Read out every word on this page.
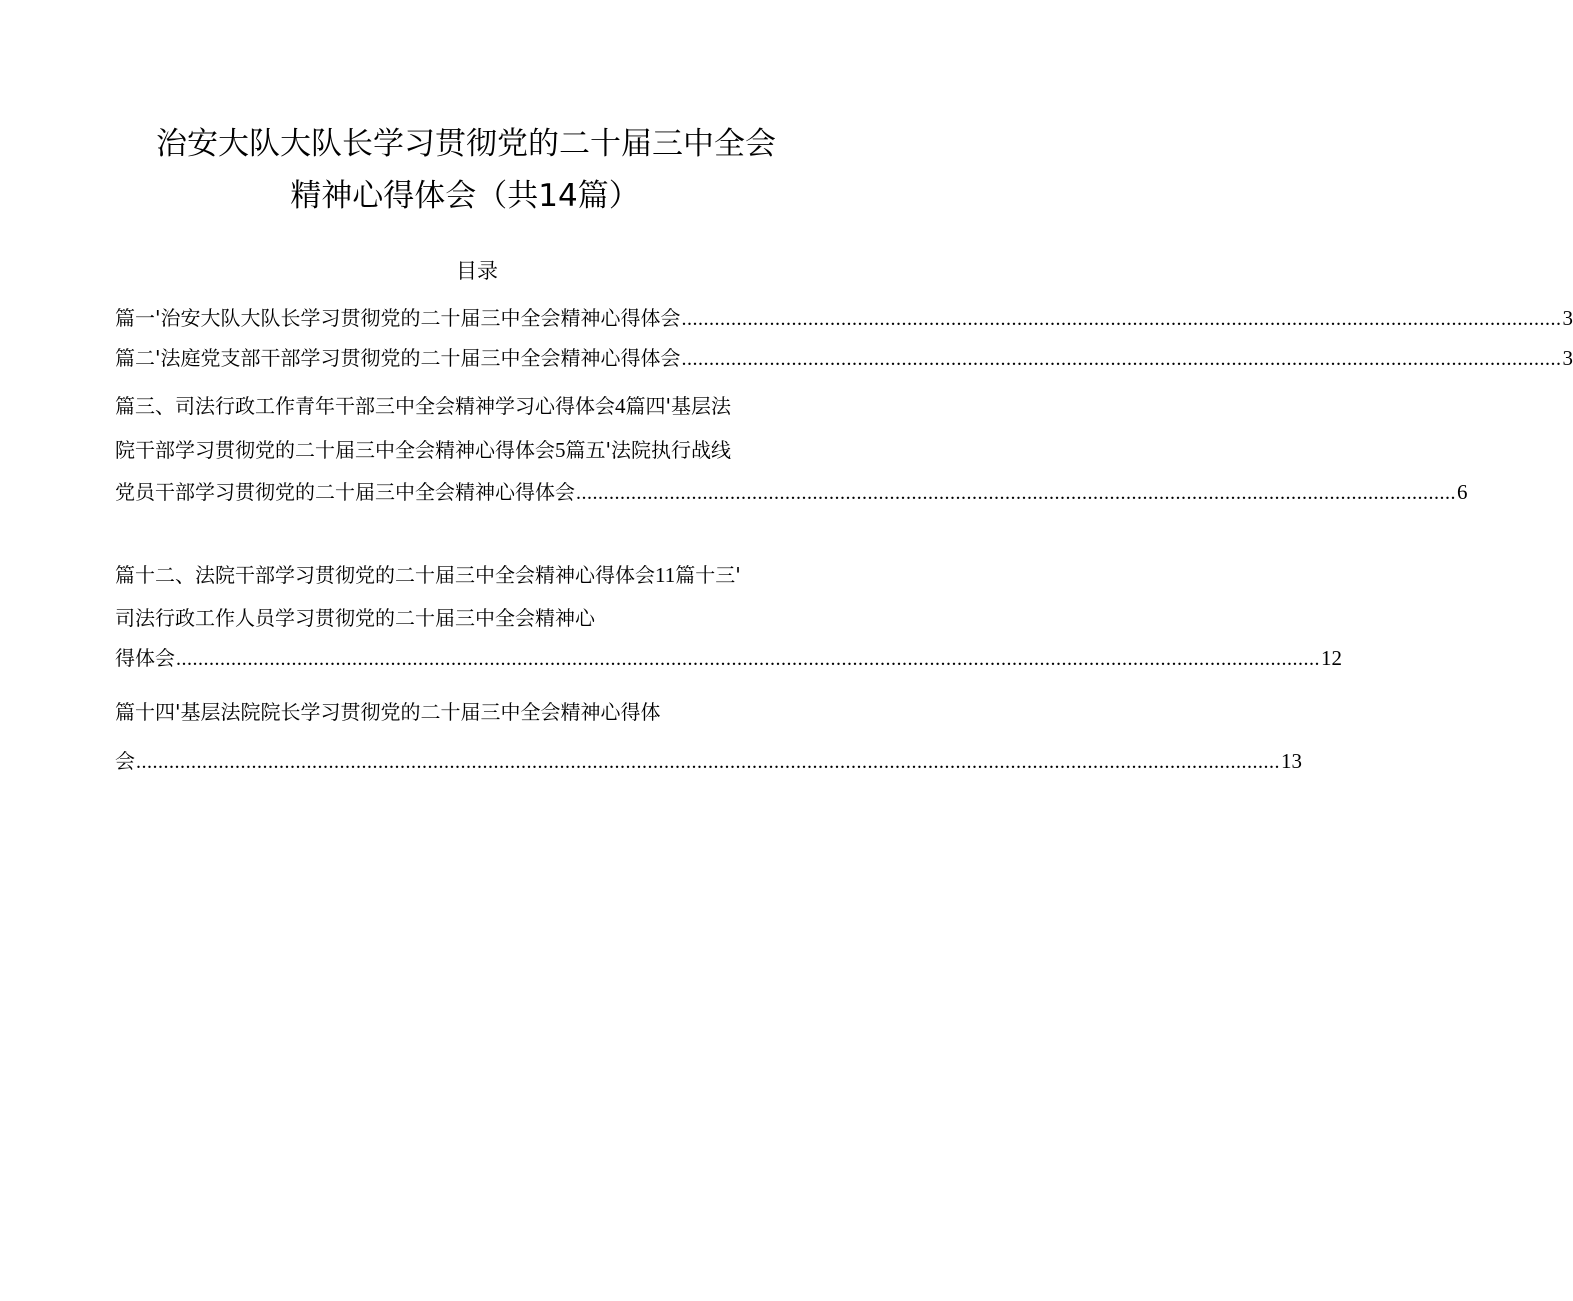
治安大队大队长学习贯彻党的二十届三中全会
精神心得体会（共14篇）
目录
篇一'治安大队大队长学习贯彻党的二十届三中全会精神心得体会 ................................................................................................................................................................ 3
篇二'法庭党支部干部学习贯彻党的二十届三中全会精神心得体会 ................................................................................................................................................................ 3
篇三、司法行政工作青年干部三中全会精神学习心得体会 4 篇四'基层法
院干部学习贯彻党的二十届三中全会精神心得体会 5 篇五'法院执行战线
党员干部学习贯彻党的二十届三中全会精神心得体会 ................................................................................................................................................................ 6
篇十二、法院干部学习贯彻党的二十届三中全会精神心得体会 11 篇十三'
司法行政工作人员学习贯彻党的二十届三中全会精神心
得体会 ................................................................................................................................................................................................................ 12
篇十四'基层法院院长学习贯彻党的二十届三中全会精神心得体
会 ................................................................................................................................................................................................................ 13
